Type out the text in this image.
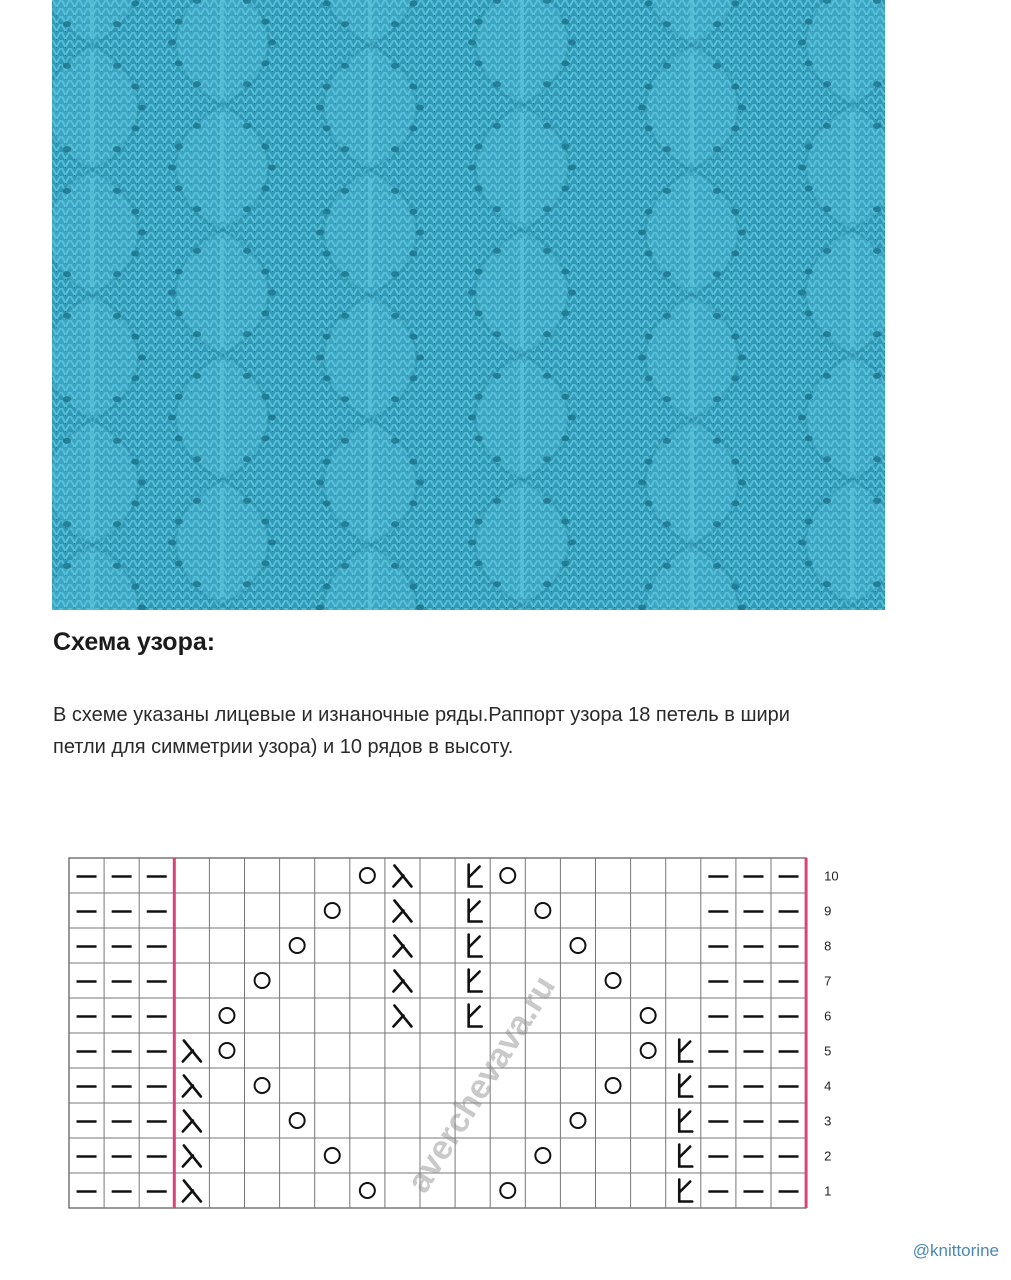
Схема узора:
В схеме указаны лицевые и изнаночные ряды.Раппорт узора 18 петель в шири
петли для симметрии узора) и 10 рядов в высоту.
10
9
8
7
6
5
4
3
2
1
averchevava.ru
@knittorine
